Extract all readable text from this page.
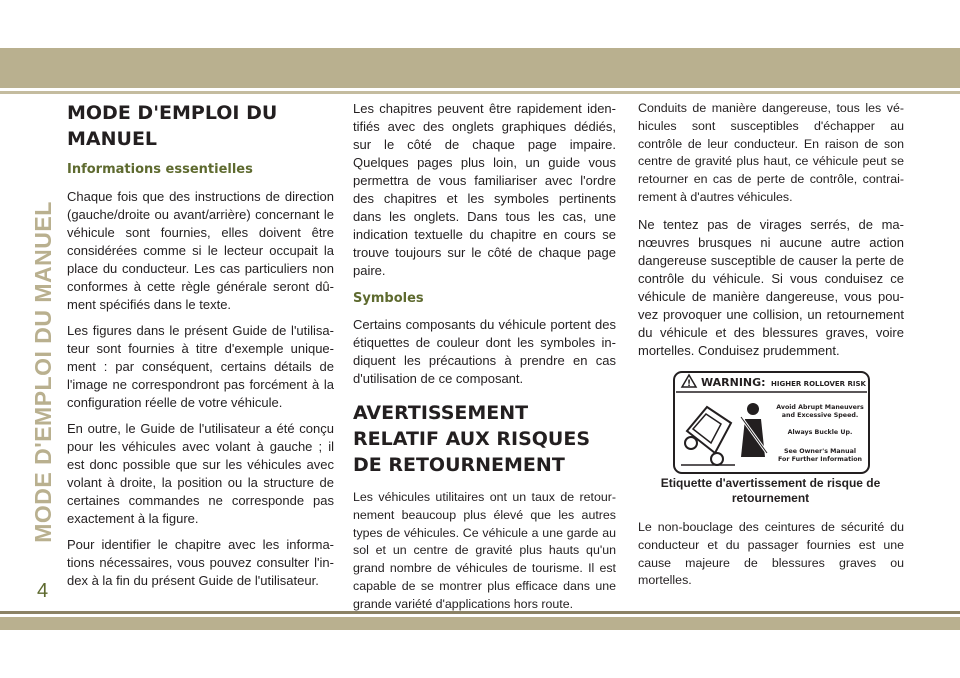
MODE D'EMPLOI DU MANUEL
MODE D'EMPLOI DU MANUEL
Informations essentielles

Chaque fois que des instructions de direction (gauche/droite ou avant/arrière) concernant le véhicule sont fournies, elles doivent être considérées comme si le lecteur occupait la place du conducteur. Les cas particuliers non conformes à cette règle générale seront dû-ment spécifiés dans le texte.

Les figures dans le présent Guide de l'utilisa-teur sont fournies à titre d'exemple unique-ment : par conséquent, certains détails de l'image ne correspondront pas forcément à la configuration réelle de votre véhicule.

En outre, le Guide de l'utilisateur a été conçu pour les véhicules avec volant à gauche ; il est donc possible que sur les véhicules avec volant à droite, la position ou la structure de certaines commandes ne corresponde pas exactement à la figure.

Pour identifier le chapitre avec les informa-tions nécessaires, vous pouvez consulter l'in-dex à la fin du présent Guide de l'utilisateur.

Les chapitres peuvent être rapidement iden-tifiés avec des onglets graphiques dédiés, sur le côté de chaque page impaire. Quelques pages plus loin, un guide vous permettra de vous familiariser avec l'ordre des chapitres et les symboles pertinents dans les onglets. Dans tous les cas, une indication textuelle du chapitre en cours se trouve toujours sur le côté de chaque page paire.

Symboles

Certains composants du véhicule portent des étiquettes de couleur dont les symboles in-diquent les précautions à prendre en cas d'utilisation de ce composant.

AVERTISSEMENT RELATIF AUX RISQUES DE RETOURNEMENT

Les véhicules utilitaires ont un taux de retour-nement beaucoup plus élevé que les autres types de véhicules. Ce véhicule a une garde au sol et un centre de gravité plus hauts qu'un grand nombre de véhicules de tourisme. Il est capable de se montrer plus efficace dans une grande variété d'applications hors route.

Conduits de manière dangereuse, tous les vé-hicules sont susceptibles d'échapper au contrôle de leur conducteur. En raison de son centre de gravité plus haut, ce véhicule peut se retourner en cas de perte de contrôle, contrai-rement à d'autres véhicules.

Ne tentez pas de virages serrés, de ma-nœuvres brusques ni aucune autre action dangereuse susceptible de causer la perte de contrôle du véhicule. Si vous conduisez ce véhicule de manière dangereuse, vous pou-vez provoquer une collision, un retournement du véhicule et des blessures graves, voire mortelles. Conduisez prudemment.

! WARNING: HIGHER ROLLOVER RISK
Avoid Abrupt Maneuvers
and Excessive Speed.
Always Buckle Up.
See Owner's Manual
For Further Information
Etiquette d'avertissement de risque de retournement

Le non-bouclage des ceintures de sécurité du conducteur et du passager fournies est une cause majeure de blessures graves ou mortelles.

4
